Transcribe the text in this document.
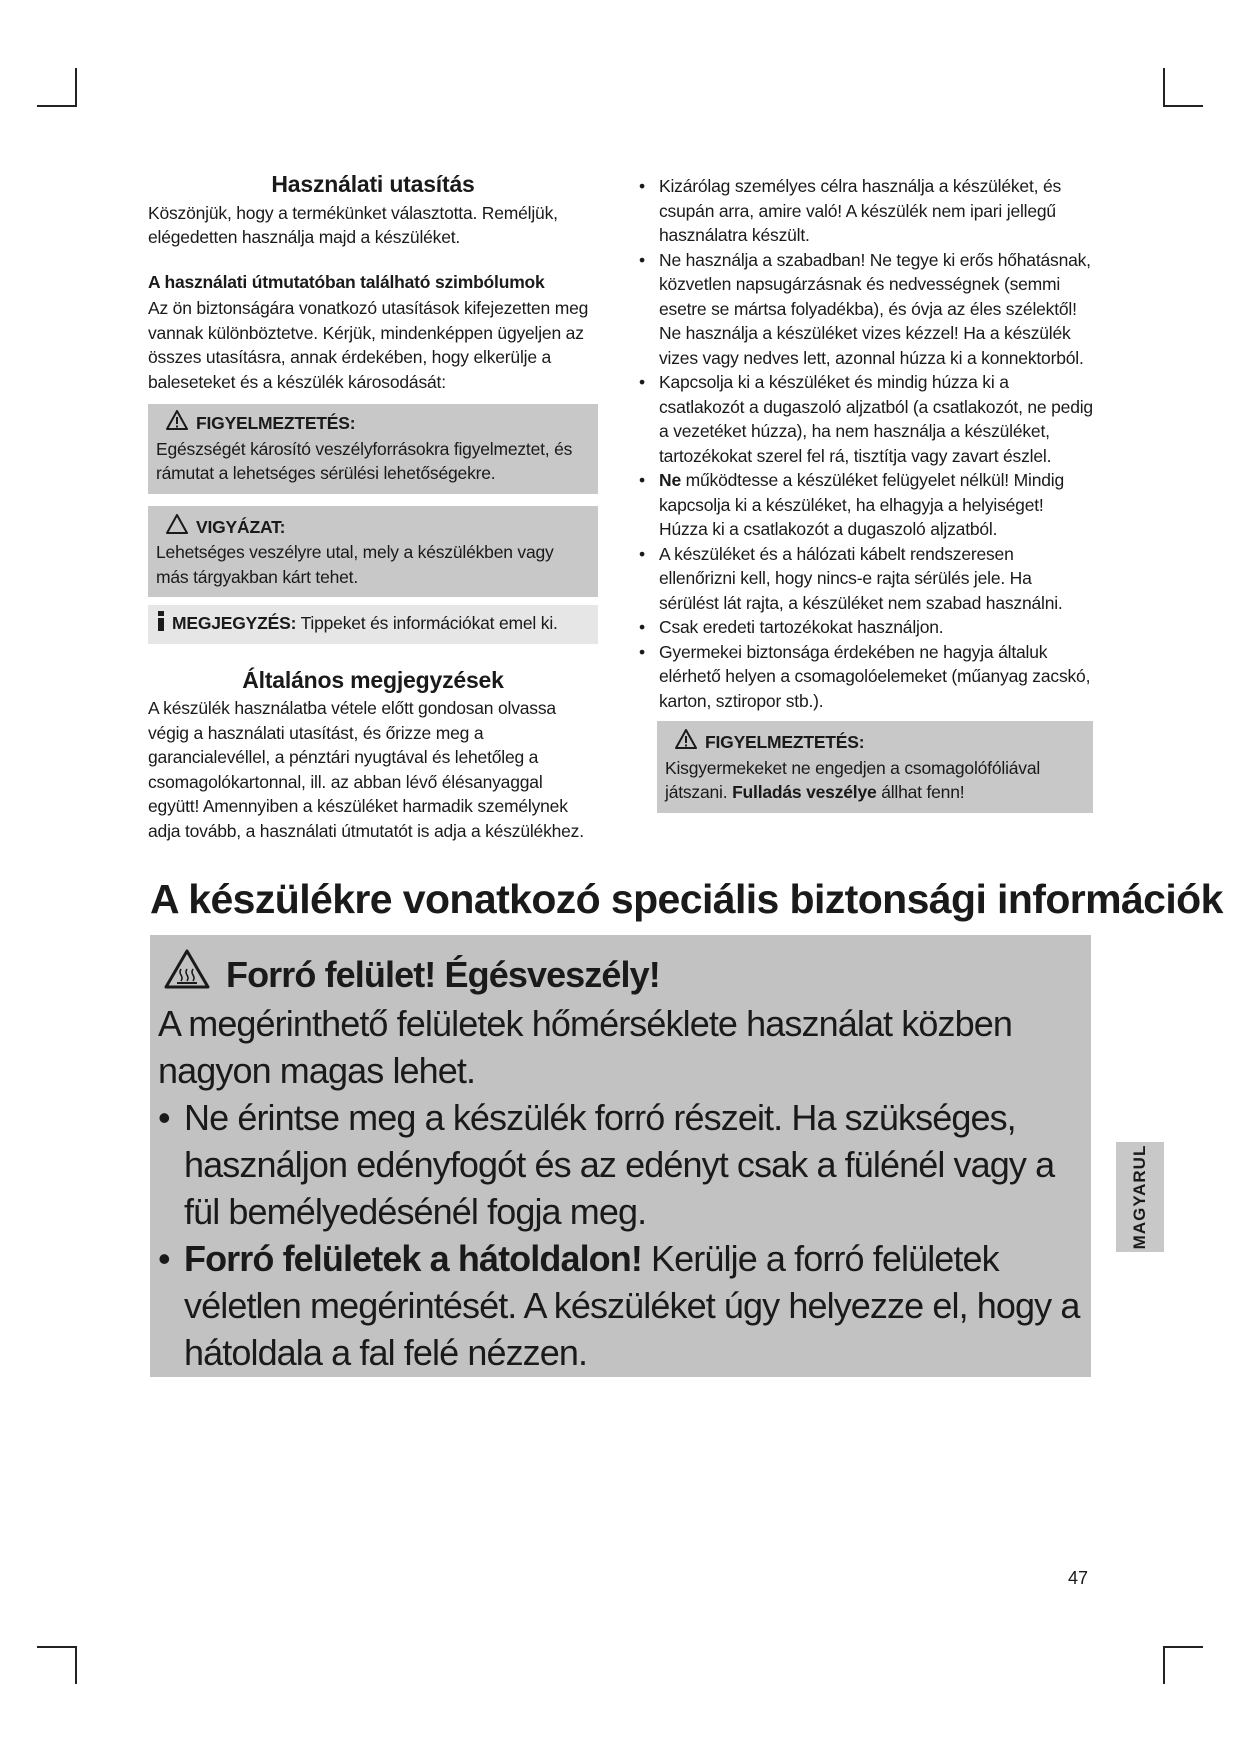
Használati utasítás

Köszönjük, hogy a termékünket választotta. Reméljük, elégedetten használja majd a készüléket.

A használati útmutatóban található szimbólumok

Az ön biztonságára vonatkozó utasítások kifejezetten meg vannak különböztetve. Kérjük, mindenképpen ügyeljen az összes utasításra, annak érdekében, hogy elkerülje a baleseteket és a készülék károsodását:

FIGYELMEZTETÉS:

Egészségét károsító veszélyforrásokra figyelmeztet, és rámutat a lehetséges sérülési lehetőségekre.

VIGYÁZAT:

Lehetséges veszélyre utal, mely a készülékben vagy más tárgyakban kárt tehet.

MEGJEGYZÉS: Tippeket és információkat emel ki.
Általános megjegyzések

A készülék használatba vétele előtt gondosan olvassa végig a használati utasítást, és őrizze meg a garancialevéllel, a pénztári nyugtával és lehetőleg a csomagolókartonnal, ill. az abban lévő élésanyaggal együtt! Amennyiben a készüléket harmadik személynek adja tovább, a használati útmutatót is adja a készülékhez.

• Kizárólag személyes célra használja a készüléket, és csupán arra, amire való! A készülék nem ipari jellegű használatra készült.
• Ne használja a szabadban! Ne tegye ki erős hőhatásnak, közvetlen napsugárzásnak és nedvességnek (semmi esetre se mártsa folyadékba), és óvja az éles szélektől! Ne használja a készüléket vizes kézzel! Ha a készülék vizes vagy nedves lett, azonnal húzza ki a konnektorból.
• Kapcsolja ki a készüléket és mindig húzza ki a csatlakozót a dugaszoló aljzatból (a csatlakozót, ne pedig a vezetéket húzza), ha nem használja a készüléket, tartozékokat szerel fel rá, tisztítja vagy zavart észlel.
• Ne működtesse a készüléket felügyelet nélkül! Mindig kapcsolja ki a készüléket, ha elhagyja a helyiséget! Húzza ki a csatlakozót a dugaszoló aljzatból.
• A készüléket és a hálózati kábelt rendszeresen ellenőrizni kell, hogy nincs-e rajta sérülés jele. Ha sérülést lát rajta, a készüléket nem szabad használni.
• Csak eredeti tartozékokat használjon.
• Gyermekei biztonsága érdekében ne hagyja általuk elérhető helyen a csomagolóelemeket (műanyag zacskó, karton, sztiropor stb.).
FIGYELMEZTETÉS:

Kisgyermekeket ne engedjen a csomagolófóliával játszani. Fulladás veszélye állhat fenn!

A készülékre vonatkozó speciális biztonsági információk
Forró felület! Égésveszély!

A megérinthető felületek hőmérséklete használat közben nagyon magas lehet.

• Ne érintse meg a készülék forró részeit. Ha szükséges, használjon edényfogót és az edényt csak a fülénél vagy a fül bemélyedésénél fogja meg.
• Forró felületek a hátoldalon! Kerülje a forró felületek véletlen megérintését. A készüléket úgy helyezze el, hogy a hátoldala a fal felé nézzen.
MAGYARUL
47
